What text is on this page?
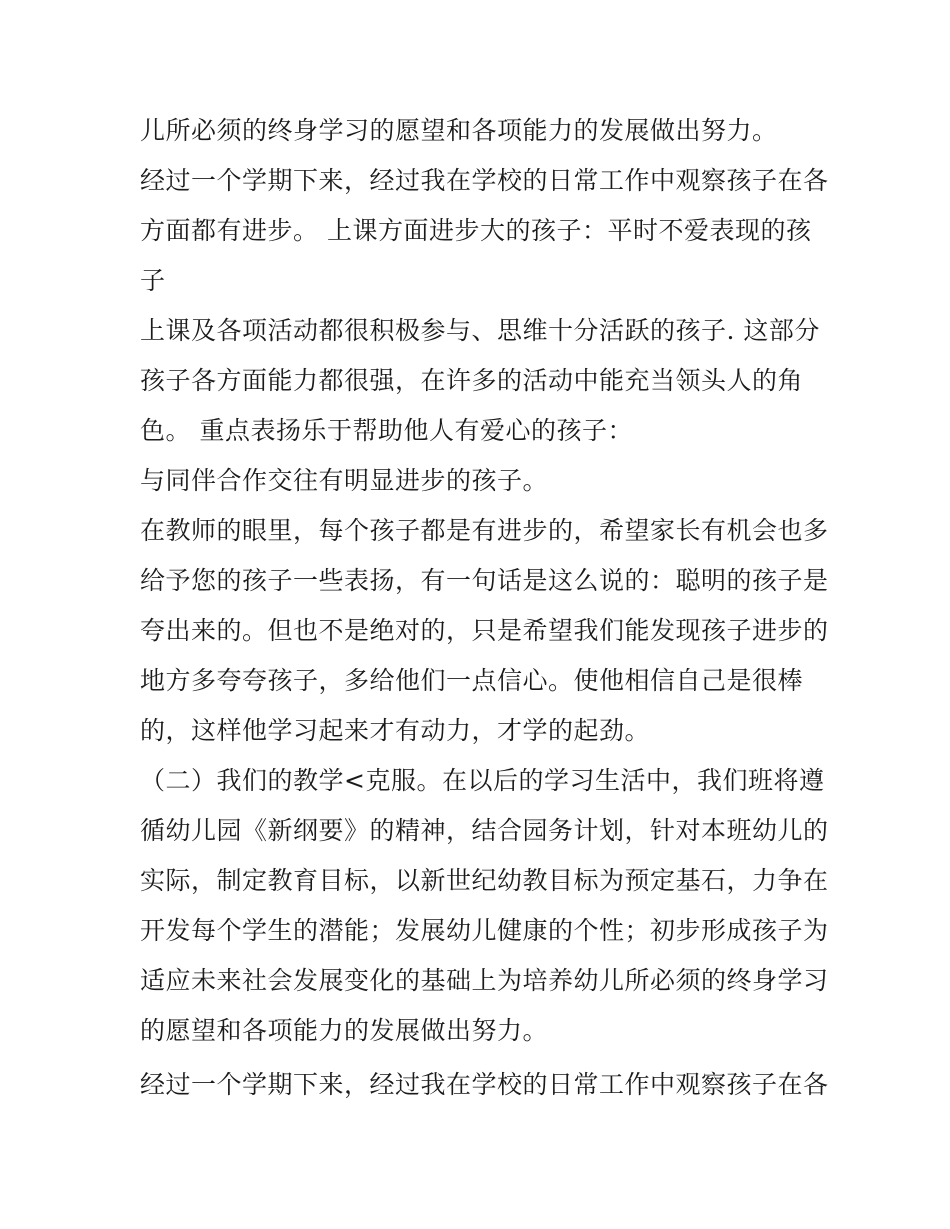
儿所必须的终身学习的愿望和各项能力的发展做出努力。

经过一个学期下来，经过我在学校的日常工作中观察孩子在各

方面都有进步。 上课方面进步大的孩子：平时不爱表现的孩

子

上课及各项活动都很积极参与、思维十分活跃的孩子. 这部分

孩子各方面能力都很强，在许多的活动中能充当领头人的角

色。 重点表扬乐于帮助他人有爱心的孩子：

与同伴合作交往有明显进步的孩子。

在教师的眼里，每个孩子都是有进步的，希望家长有机会也多

给予您的孩子一些表扬，有一句话是这么说的：聪明的孩子是

夸出来的。但也不是绝对的，只是希望我们能发现孩子进步的

地方多夸夸孩子，多给他们一点信心。使他相信自己是很棒

的，这样他学习起来才有动力，才学的起劲。

（二）我们的教学<克服。在以后的学习生活中，我们班将遵

循幼儿园《新纲要》的精神，结合园务计划，针对本班幼儿的

实际，制定教育目标，以新世纪幼教目标为预定基石，力争在

开发每个学生的潜能；发展幼儿健康的个性；初步形成孩子为

适应未来社会发展变化的基础上为培养幼儿所必须的终身学习

的愿望和各项能力的发展做出努力。

经过一个学期下来，经过我在学校的日常工作中观察孩子在各
